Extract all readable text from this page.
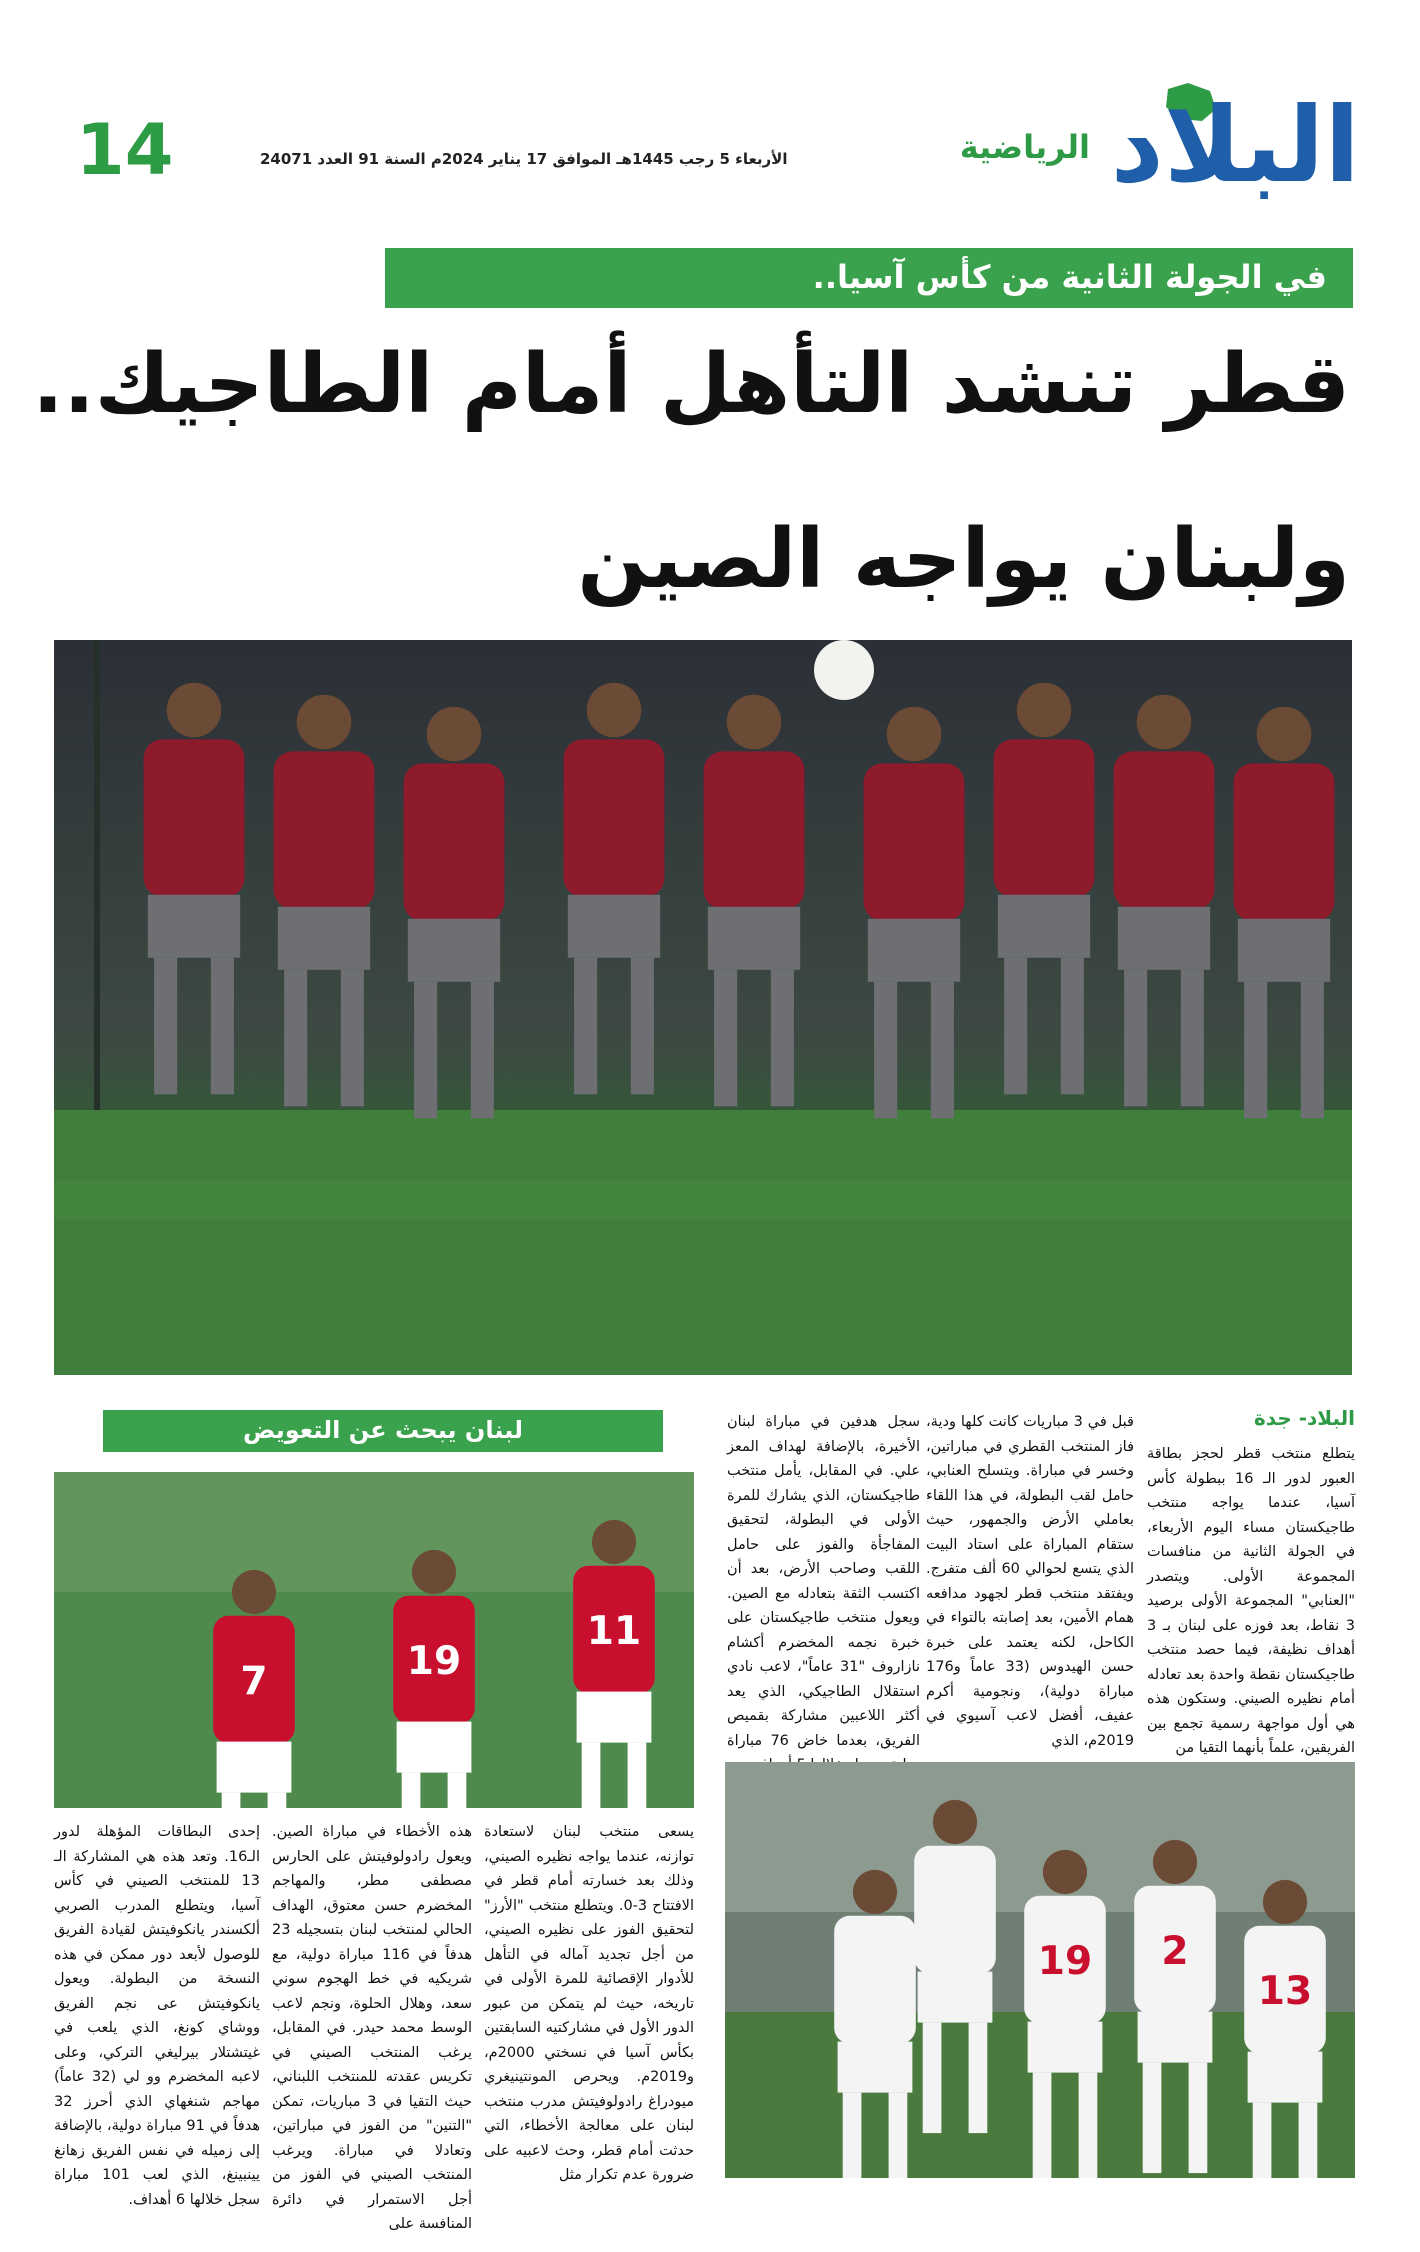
البلاد
الرياضية
الأربعاء 5 رجب 1445هـ الموافق 17 يناير 2024م السنة 91 العدد 24071
14
في الجولة الثانية من كأس آسيا..
قطر تنشد التأهل أمام الطاجيك..
ولبنان يواجه الصين
البلاد- جدة
يتطلع منتخب قطر لحجز بطاقة العبور لدور الـ 16 ببطولة كأس آسيا، عندما يواجه منتخب طاجيكستان مساء اليوم الأربعاء، في الجولة الثانية من منافسات المجموعة الأولى. ويتصدر "العنابي" المجموعة الأولى برصيد 3 نقاط، بعد فوزه على لبنان بـ 3 أهداف نظيفة، فيما حصد منتخب طاجيكستان نقطة واحدة بعد تعادله أمام نظيره الصيني. وستكون هذه هي أول مواجهة رسمية تجمع بين الفريقين، علماً بأنهما التقيا من
قبل في 3 مباريات كانت كلها ودية، فاز المنتخب القطري في مباراتين، وخسر في مباراة. ويتسلح العنابي، حامل لقب البطولة، في هذا اللقاء بعاملي الأرض والجمهور، حيث ستقام المباراة على استاد البيت الذي يتسع لحوالي 60 ألف متفرج. ويفتقد منتخب قطر لجهود مدافعه همام الأمين، بعد إصابته بالتواء في الكاحل، لكنه يعتمد على خبرة حسن الهيدوس (33 عاماً و176 مباراة دولية)، ونجومية أكرم عفيف، أفضل لاعب آسيوي في 2019م، الذي
سجل هدفين في مباراة لبنان الأخيرة، بالإضافة لهداف المعز علي. في المقابل، يأمل منتخب طاجيكستان، الذي يشارك للمرة الأولى في البطولة، لتحقيق المفاجأة والفوز على حامل اللقب وصاحب الأرض، بعد أن اكتسب الثقة بتعادله مع الصين. ويعول منتخب طاجيكستان على خبرة نجمه المخضرم أكشام نازاروف "31 عاماً"، لاعب نادي استقلال الطاجيكي، الذي يعد أكثر اللاعبين مشاركة بقميص الفريق، بعدما خاض 76 مباراة
لبنان يبحث عن التعويض
7	19
11
19 2
13
يسعى منتخب لبنان لاستعادة توازنه، عندما يواجه نظيره الصيني، وذلك بعد خسارته أمام قطر في الافتتاح 3-0. ويتطلع منتخب "الأرز" لتحقيق الفوز على نظيره الصيني، من أجل تجديد آماله في التأهل للأدوار الإقصائية للمرة الأولى في تاريخه، حيث لم يتمكن من عبور الدور الأول في مشاركتيه السابقتين بكأس آسيا في نسختي 2000م، و2019م. ويحرص المونتينيغري ميودراغ رادولوفيتش مدرب منتخب لبنان على معالجة الأخطاء، التي حدثت أمام قطر، وحث لاعبيه على ضرورة عدم تكرار مثل
هذه الأخطاء في مباراة الصين. ويعول رادولوفيتش على الحارس مصطفى مطر، والمهاجم المخضرم حسن معتوق، الهداف الحالي لمنتخب لبنان بتسجيله 23 هدفاً في 116 مباراة دولية، مع شريكيه في خط الهجوم سوني سعد، وهلال الحلوة، ونجم لاعب الوسط محمد حيدر. في المقابل، يرغب المنتخب الصيني في تكريس عقدته للمنتخب اللبناني، حيث التقيا في 3 مباريات، تمكن "التنين" من الفوز في مباراتين، وتعادلا في مباراة. ويرغب المنتخب الصيني في الفوز من أجل الاستمرار في دائرة المنافسة على
إحدى البطاقات المؤهلة لدور الـ16. وتعد هذه هي المشاركة الـ 13 للمنتخب الصيني في كأس آسيا، ويتطلع المدرب الصربي ألكسندر يانكوفيتش لقيادة الفريق للوصول لأبعد دور ممكن في هذه النسخة من البطولة. ويعول يانكوفيتش عى نجم الفريق ووشاي كونغ، الذي يلعب في غيتشتلار بيرليغي التركي، وعلى لاعبه المخضرم وو لي (32 عاماً) مهاجم شنغهاي الذي أحرز 32 هدفاً في 91 مباراة دولية، بالإضافة إلى زميله في نفس الفريق زهانغ يينبينغ، الذي لعب 101 مباراة سجل خلالها 6 أهداف.
